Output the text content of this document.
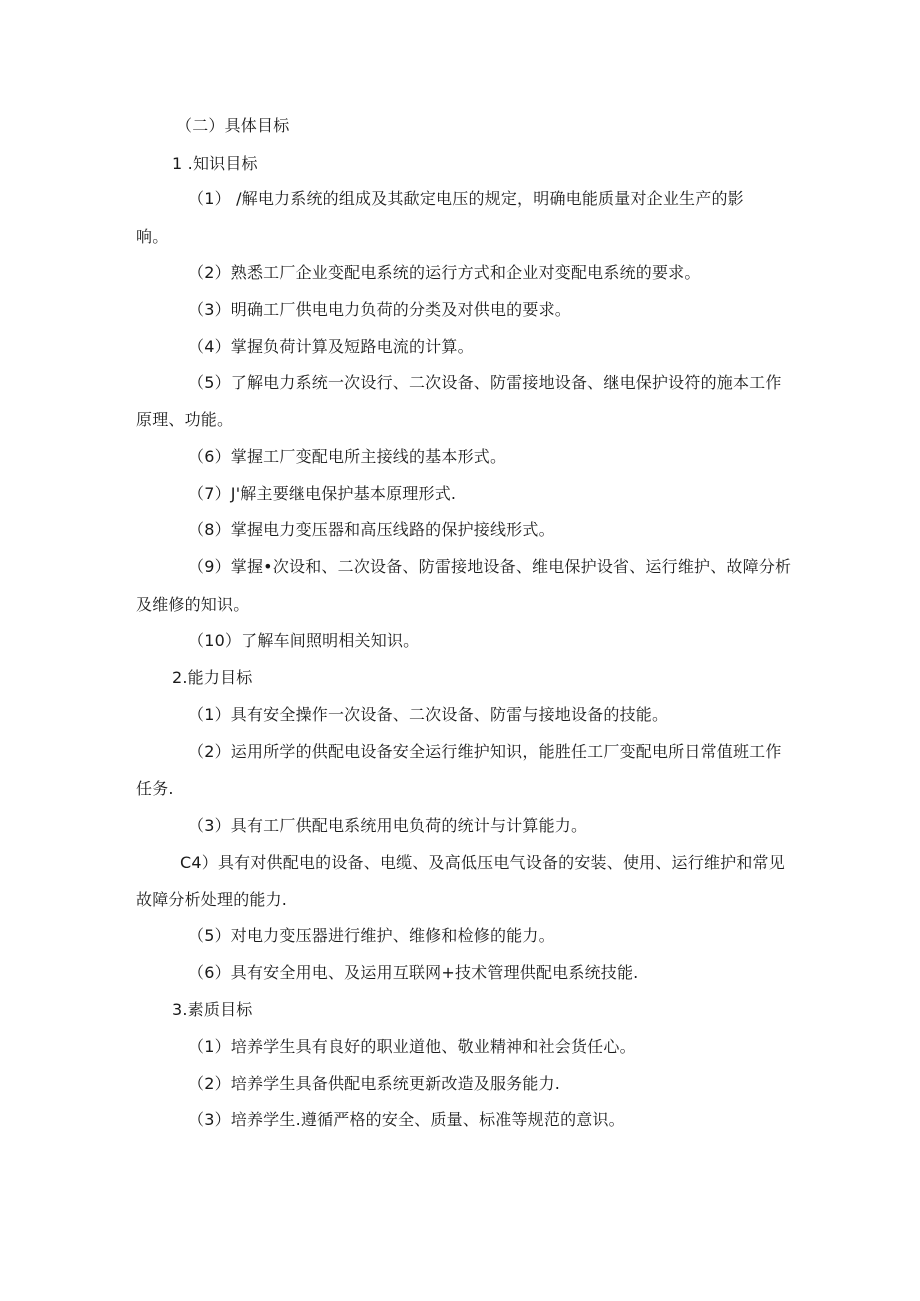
（二）具体目标
1 .知识目标
（1） /解电力系统的组成及其歃定电压的规定，明确电能质量对企业生产的影
响。
（2）熟悉工厂企业变配电系统的运行方式和企业对变配电系统的要求。
（3）明确工厂供电电力负荷的分类及对供电的要求。
（4）掌握负荷计算及短路电流的计算。
（5）了解电力系统一次设行、二次设备、防雷接地设备、继电保护设符的施本工作
原理、功能。
（6）掌握工厂变配电所主接线的基本形式。
（7）J'解主要继电保护基本原理形式.
（8）掌握电力变压器和高压线路的保护接线形式。
（9）掌握•次设和、二次设备、防雷接地设备、维电保护设省、运行维护、故障分析
及维修的知识。
（10）了解车间照明相关知识。
2.能力目标
（1）具有安全操作一次设备、二次设备、防雷与接地设备的技能。
（2）运用所学的供配电设备安全运行维护知识，能胜任工厂变配电所日常值班工作
任务.
（3）具有工厂供配电系统用电负荷的统计与计算能力。
C4）具有对供配电的设备、电缆、及高低压电气设备的安装、使用、运行维护和常见
故障分析处理的能力.
（5）对电力变压器进行维护、维修和检修的能力。
（6）具有安全用电、及运用互联网+技术管理供配电系统技能.
3.素质目标
（1）培养学生具有良好的职业道他、敬业精神和社会货任心。
（2）培养学生具备供配电系统更新改造及服务能力.
（3）培养学生.遵循严格的安全、质量、标准等规范的意识。
